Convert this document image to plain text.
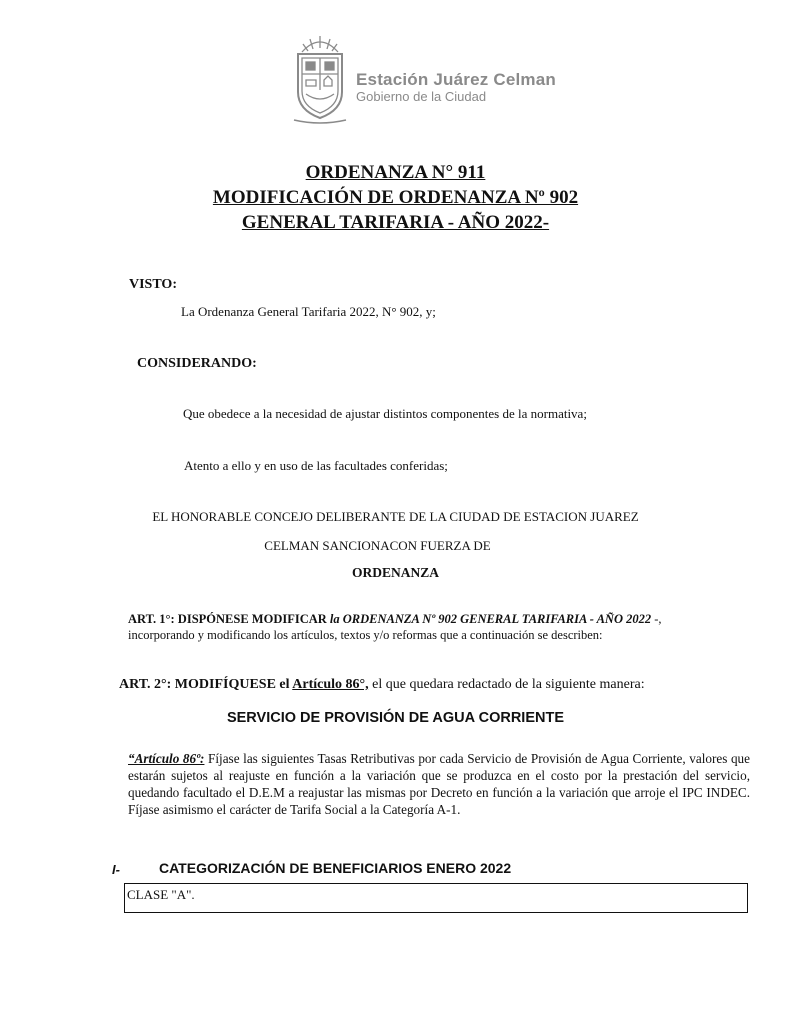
Estación Juárez Celman
Gobierno de la Ciudad
ORDENANZA N° 911
MODIFICACIÓN DE ORDENANZA Nº 902
GENERAL TARIFARIA - AÑO 2022-
VISTO:
La Ordenanza General Tarifaria 2022, N° 902, y;
CONSIDERANDO:
Que obedece a la necesidad de ajustar distintos componentes de la normativa;
Atento a ello y en uso de las facultades conferidas;
EL HONORABLE CONCEJO DELIBERANTE DE LA CIUDAD DE ESTACION JUAREZ
CELMAN SANCIONACON FUERZA DE
ORDENANZA
ART. 1°: DISPÓNESE MODIFICAR la ORDENANZA Nº 902 GENERAL TARIFARIA - AÑO 2022 -, incorporando y modificando los artículos, textos y/o reformas que a continuación se describen:
ART. 2°: MODIFÍQUESE el Artículo 86°, el que quedara redactado de la siguiente manera:
SERVICIO DE PROVISIÓN DE AGUA CORRIENTE
“Artículo 86º: Fíjase las siguientes Tasas Retributivas por cada Servicio de Provisión de Agua Corriente, valores que estarán sujetos al reajuste en función a la variación que se produzca en el costo por la prestación del servicio, quedando facultado el D.E.M a reajustar las mismas por Decreto en función a la variación que arroje el IPC INDEC. Fíjase asimismo el carácter de Tarifa Social a la Categoría A-1.
I-	CATEGORIZACIÓN DE BENEFICIARIOS ENERO 2022
CLASE "A".
